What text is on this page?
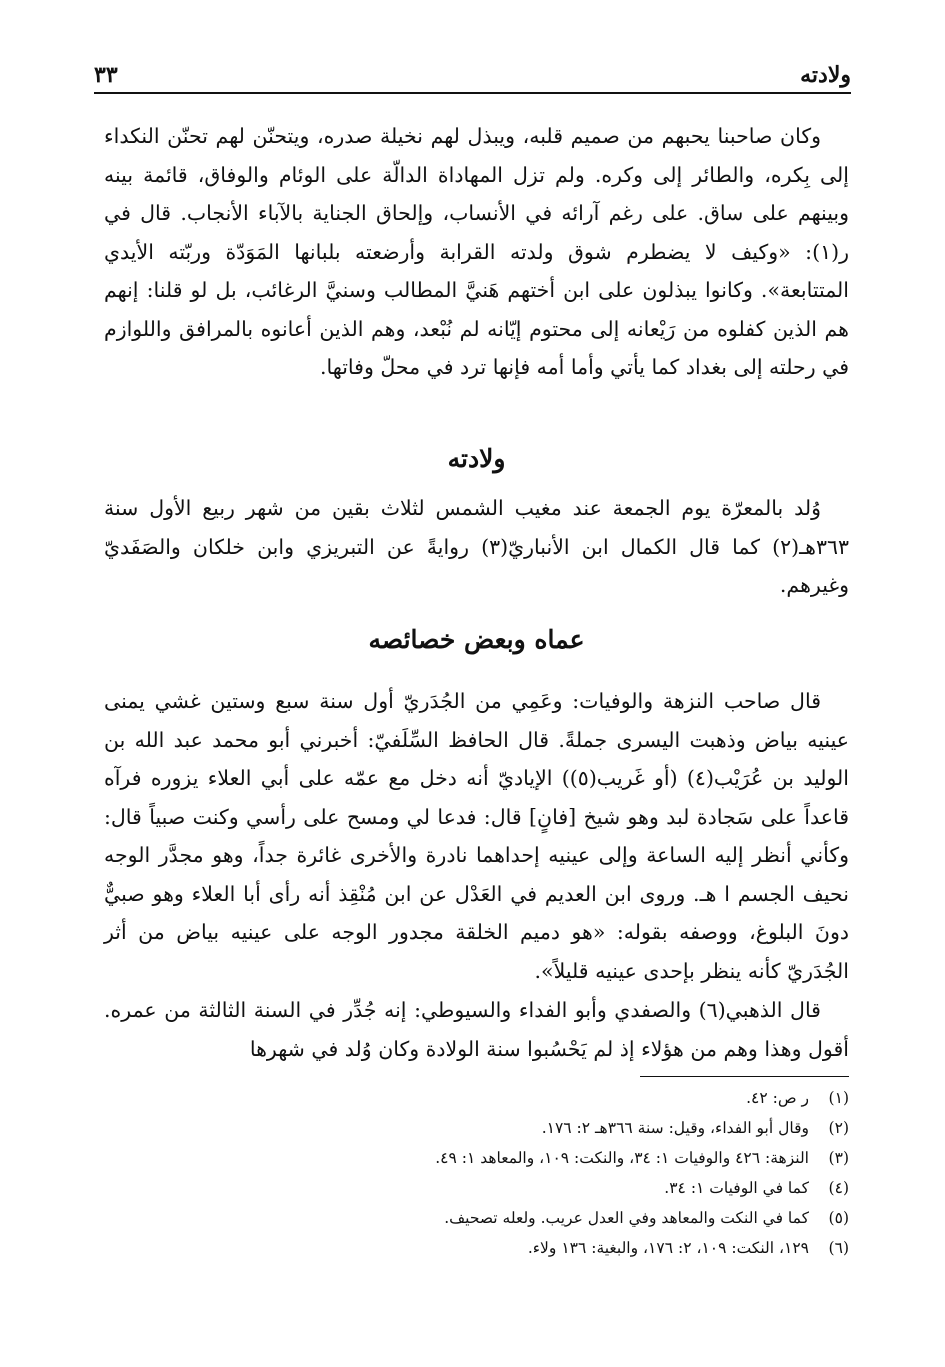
ولادته
٣٣

وكان صاحبنا يحبهم من صميم قلبه، ويبذل لهم نخيلة صدره، ويتحنّن لهم تحنّن النكداء إلى بِكره، والطائر إلى وكره. ولم تزل المهاداة الدالّة على الوئام والوفاق، قائمة بينه وبينهم على ساق. على رغم آرائه في الأنساب، وإلحاق الجناية بالآباء الأنجاب. قال في ر(١): «وكيف لا يضطرم شوق ولدته القرابة وأرضعته بلبانها المَوَدّة وربّته الأيدي المتتابعة». وكانوا يبذلون على ابن أختهم هَنيَّ المطالب وسنيَّ الرغائب، بل لو قلنا: إنهم هم الذين كفلوه من رَيْعانه إلى محتوم إيّانه لم نُبْعد، وهم الذين أعانوه بالمرافق واللوازم في رحلته إلى بغداد كما يأتي وأما أمه فإنها ترد في محلّ وفاتها.

ولادته

وُلد بالمعرّة يوم الجمعة عند مغيب الشمس لثلاث بقين من شهر ربيع الأول سنة ٣٦٣هـ(٢) كما قال الكمال ابن الأنباريّ(٣) روايةً عن التبريزي وابن خلكان والصَفَديّ وغيرهم.

عماه وبعض خصائصه

قال صاحب النزهة والوفيات: وعَمِي من الجُدَريّ أول سنة سبع وستين غشي يمنى عينيه بياض وذهبت اليسرى جملةً. قال الحافظ السِّلَفيّ: أخبرني أبو محمد عبد الله بن الوليد بن عُرَيْب(٤) (أو غَريب(٥)) الإياديّ أنه دخل مع عمّه على أبي العلاء يزوره فرآه قاعداً على سَجادة لبد وهو شيخ [فانٍ] قال: فدعا لي ومسح على رأسي وكنت صبياً قال: وكأني أنظر إليه الساعة وإلى عينيه إحداهما نادرة والأخرى غائرة جداً، وهو مجدَّر الوجه نحيف الجسم ا هـ. وروى ابن العديم في العَدْل عن ابن مُنْقِذ أنه رأى أبا العلاء وهو صبيٌّ دونَ البلوغ، ووصفه بقوله: «هو دميم الخلقة مجدور الوجه على عينيه بياض من أثر الجُدَريّ كأنه ينظر بإحدى عينيه قليلاً».

قال الذهبي(٦) والصفدي وأبو الفداء والسيوطي: إنه جُدِّر في السنة الثالثة من عمره. أقول وهذا وهم من هؤلاء إذ لم يَحْسُبوا سنة الولادة وكان وُلد في شهرها

(١)
ر ص: ٤٢.
(٢)
وقال أبو الفداء، وقيل: سنة ٣٦٦هـ ٢: ١٧٦.
(٣)
النزهة: ٤٢٦ والوفيات ١: ٣٤، والنكت: ١٠٩، والمعاهد ١: ٤٩.
(٤)
كما في الوفيات ١: ٣٤.
(٥)
كما في النكت والمعاهد وفي العدل عريب. ولعله تصحيف.
(٦)
١٢٩، النكت: ١٠٩، ٢: ١٧٦، والبغية: ١٣٦ ولاء.
